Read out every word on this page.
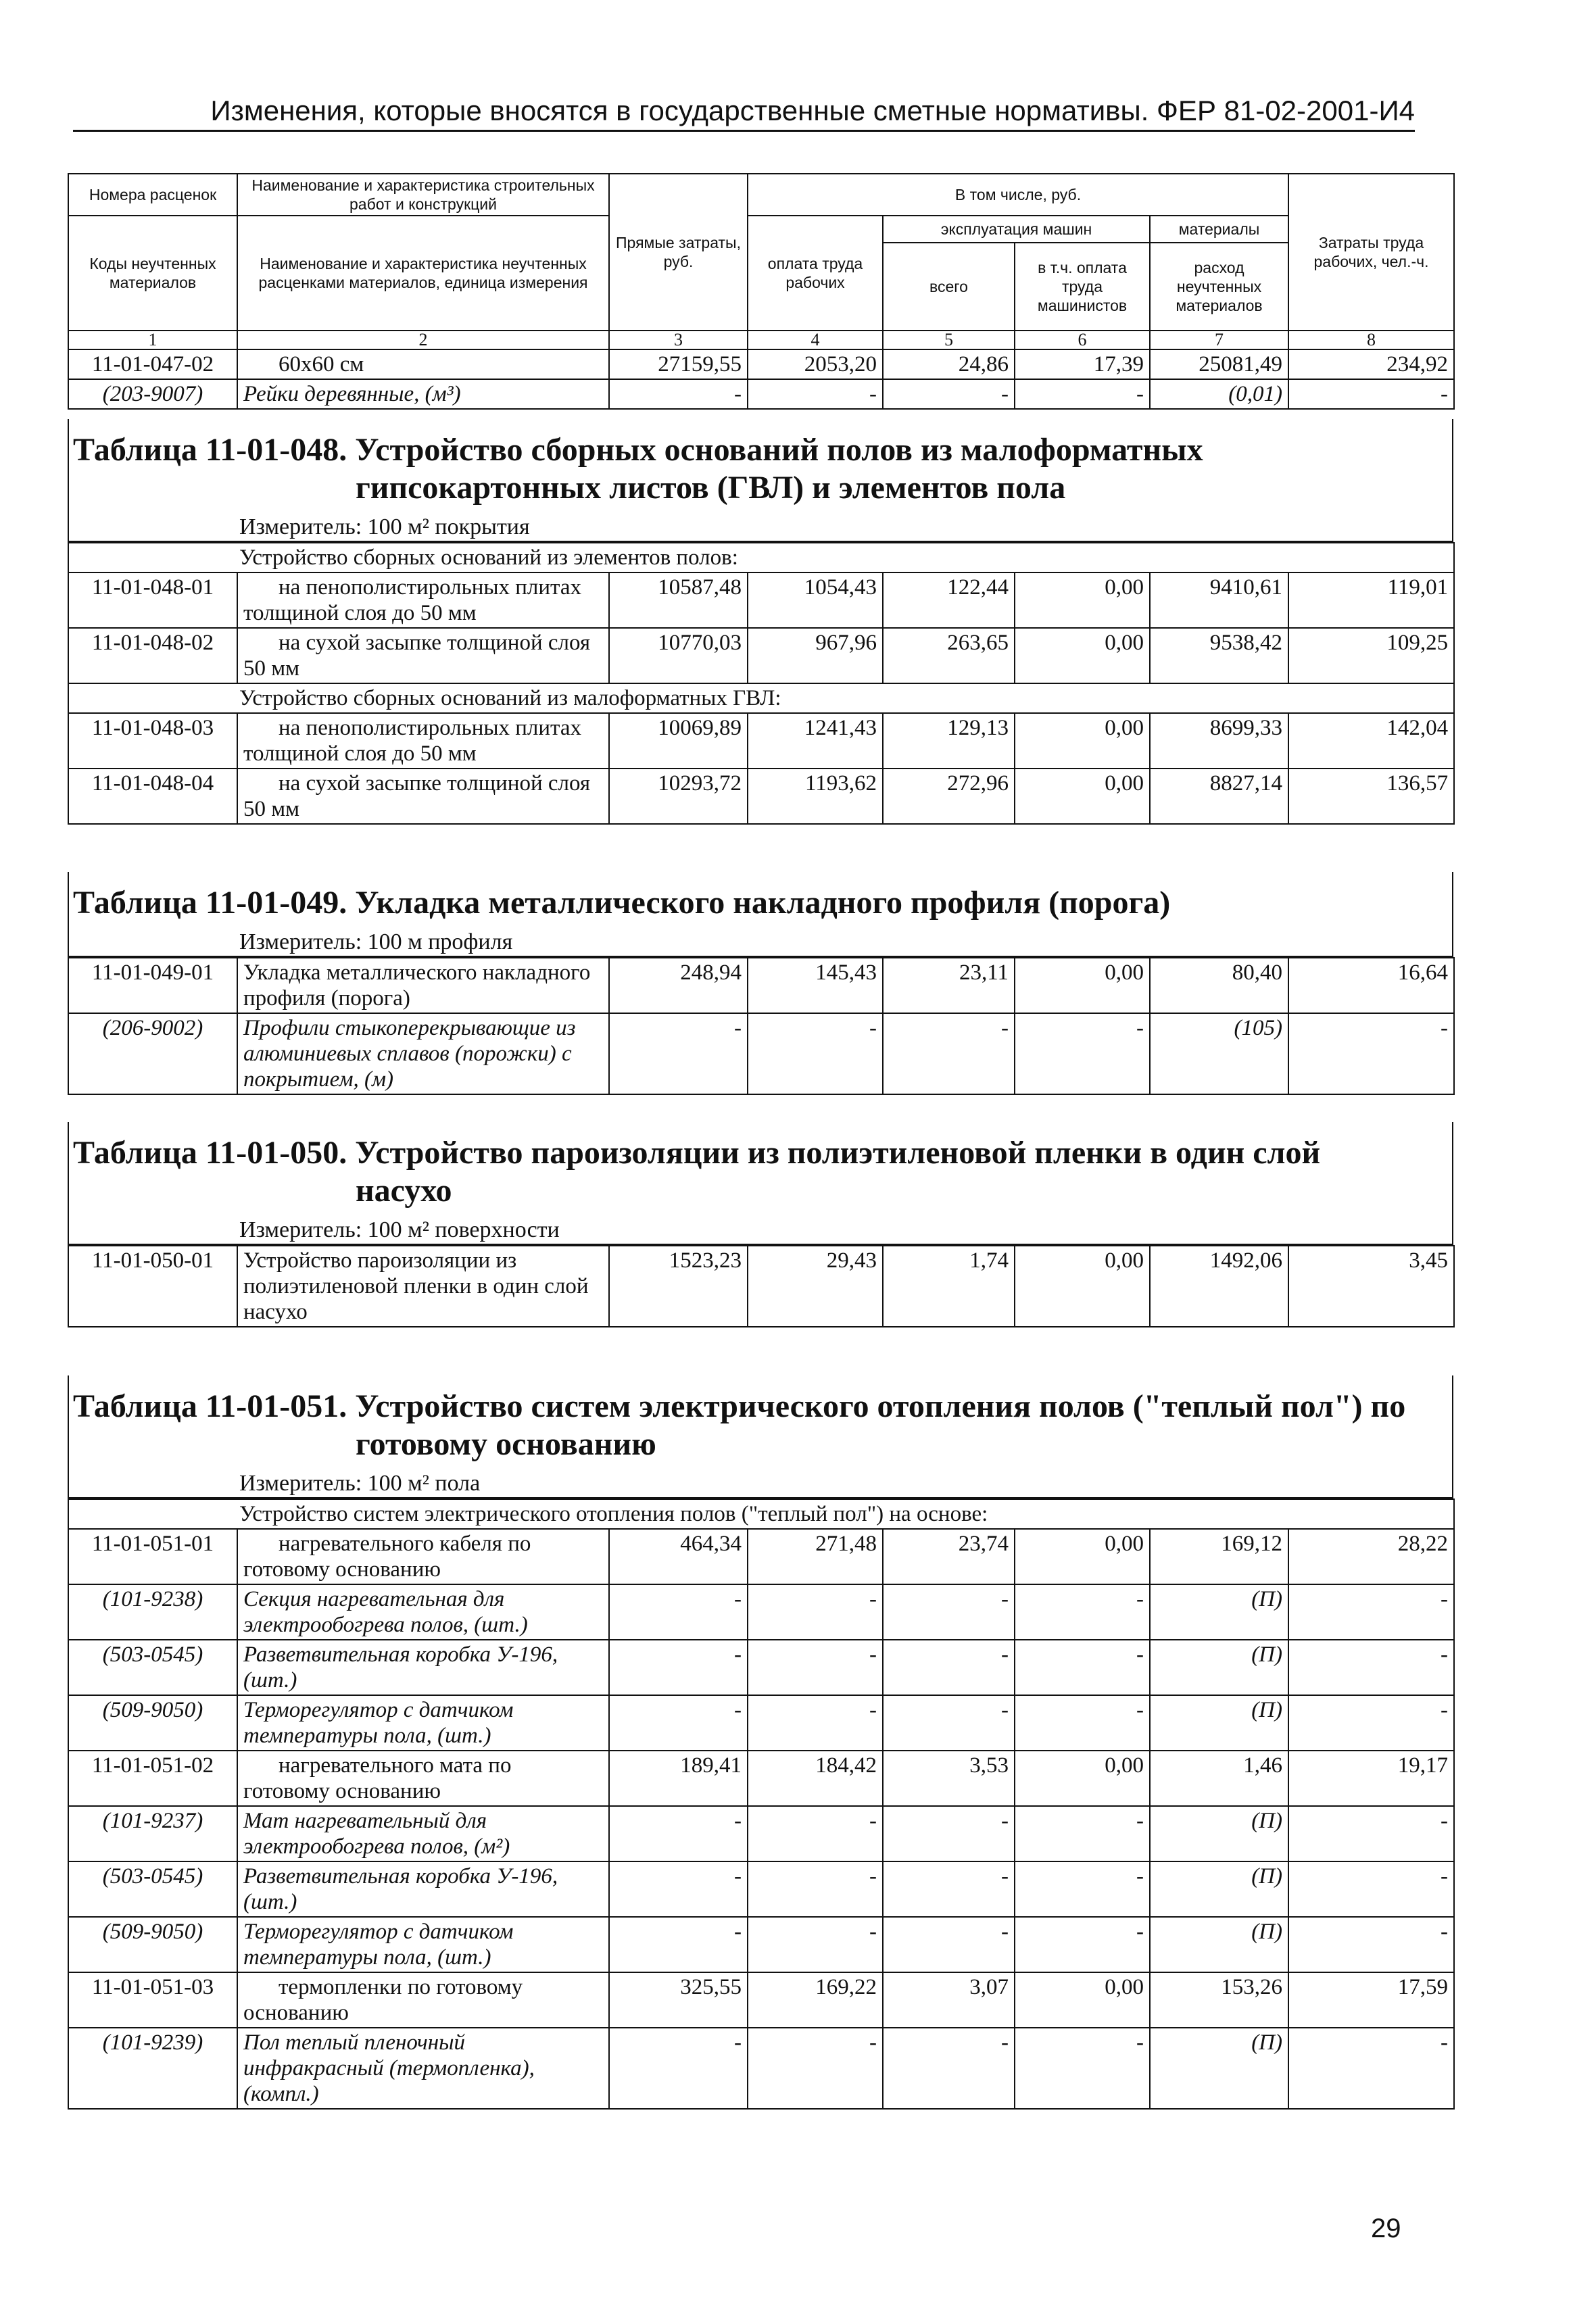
Изменения, которые вносятся в государственные сметные нормативы. ФЕР 81-02-2001-И4
Номера расценок	Наименование и характеристика строительных работ и конструкций	Прямые затраты, руб.	В том числе, руб.				Затраты труда рабочих, чел.-ч.
Коды неучтенных материалов	Наименование и характеристика неучтенных расценками материалов, единица измерения		оплата труда рабочих	эксплуатация машин		материалы	
				всего	в т.ч. оплата труда машинистов	расход неучтенных материалов	
1	2	3	4	5	6	7	8
11-01-047-02	60х60 см	27159,55	2053,20	24,86	17,39	25081,49	234,92
(203-9007)	Рейки деревянные, (м³)	-	-	-	-	(0,01)	-
Таблица 11-01-048. Устройство сборных оснований полов из малоформатных
гипсокартонных листов (ГВЛ) и элементов пола
Измеритель: 100 м² покрытия
Устройство сборных оснований из элементов полов:							
11-01-048-01	на пенополистирольных плитах толщиной слоя до 50 мм	10587,48	1054,43	122,44	0,00	9410,61	119,01
11-01-048-02	на сухой засыпке толщиной слоя 50 мм	10770,03	967,96	263,65	0,00	9538,42	109,25
Устройство сборных оснований из малоформатных ГВЛ:							
11-01-048-03	на пенополистирольных плитах толщиной слоя до 50 мм	10069,89	1241,43	129,13	0,00	8699,33	142,04
11-01-048-04	на сухой засыпке толщиной слоя 50 мм	10293,72	1193,62	272,96	0,00	8827,14	136,57
Таблица 11-01-049. Укладка металлического накладного профиля (порога)
Измеритель: 100 м профиля
11-01-049-01	Укладка металлического накладного профиля (порога)	248,94	145,43	23,11	0,00	80,40	16,64
(206-9002)	Профили стыкоперекрывающие из алюминиевых сплавов (порожки) с покрытием, (м)	-	-	-	-	(105)	-
Таблица 11-01-050. Устройство пароизоляции из полиэтиленовой пленки в один слой
насухо
Измеритель: 100 м² поверхности
11-01-050-01	Устройство пароизоляции из полиэтиленовой пленки в один слой насухо	1523,23	29,43	1,74	0,00	1492,06	3,45
Таблица 11-01-051. Устройство систем электрического отопления полов ("теплый пол") по
готовому основанию
Измеритель: 100 м² пола
Устройство систем электрического отопления полов ("теплый пол") на основе:							
11-01-051-01	нагревательного кабеля по готовому основанию	464,34	271,48	23,74	0,00	169,12	28,22
(101-9238)	Секция нагревательная для электрообогрева полов, (шт.)	-	-	-	-	(П)	-
(503-0545)	Разветвительная коробка У-196, (шт.)	-	-	-	-	(П)	-
(509-9050)	Терморегулятор с датчиком температуры пола, (шт.)	-	-	-	-	(П)	-
11-01-051-02	нагревательного мата по готовому основанию	189,41	184,42	3,53	0,00	1,46	19,17
(101-9237)	Мат нагревательный для электрообогрева полов, (м²)	-	-	-	-	(П)	-
(503-0545)	Разветвительная коробка У-196, (шт.)	-	-	-	-	(П)	-
(509-9050)	Терморегулятор с датчиком температуры пола, (шт.)	-	-	-	-	(П)	-
11-01-051-03	термопленки по готовому основанию	325,55	169,22	3,07	0,00	153,26	17,59
(101-9239)	Пол теплый пленочный инфракрасный (термопленка), (компл.)	-	-	-	-	(П)	-
29
